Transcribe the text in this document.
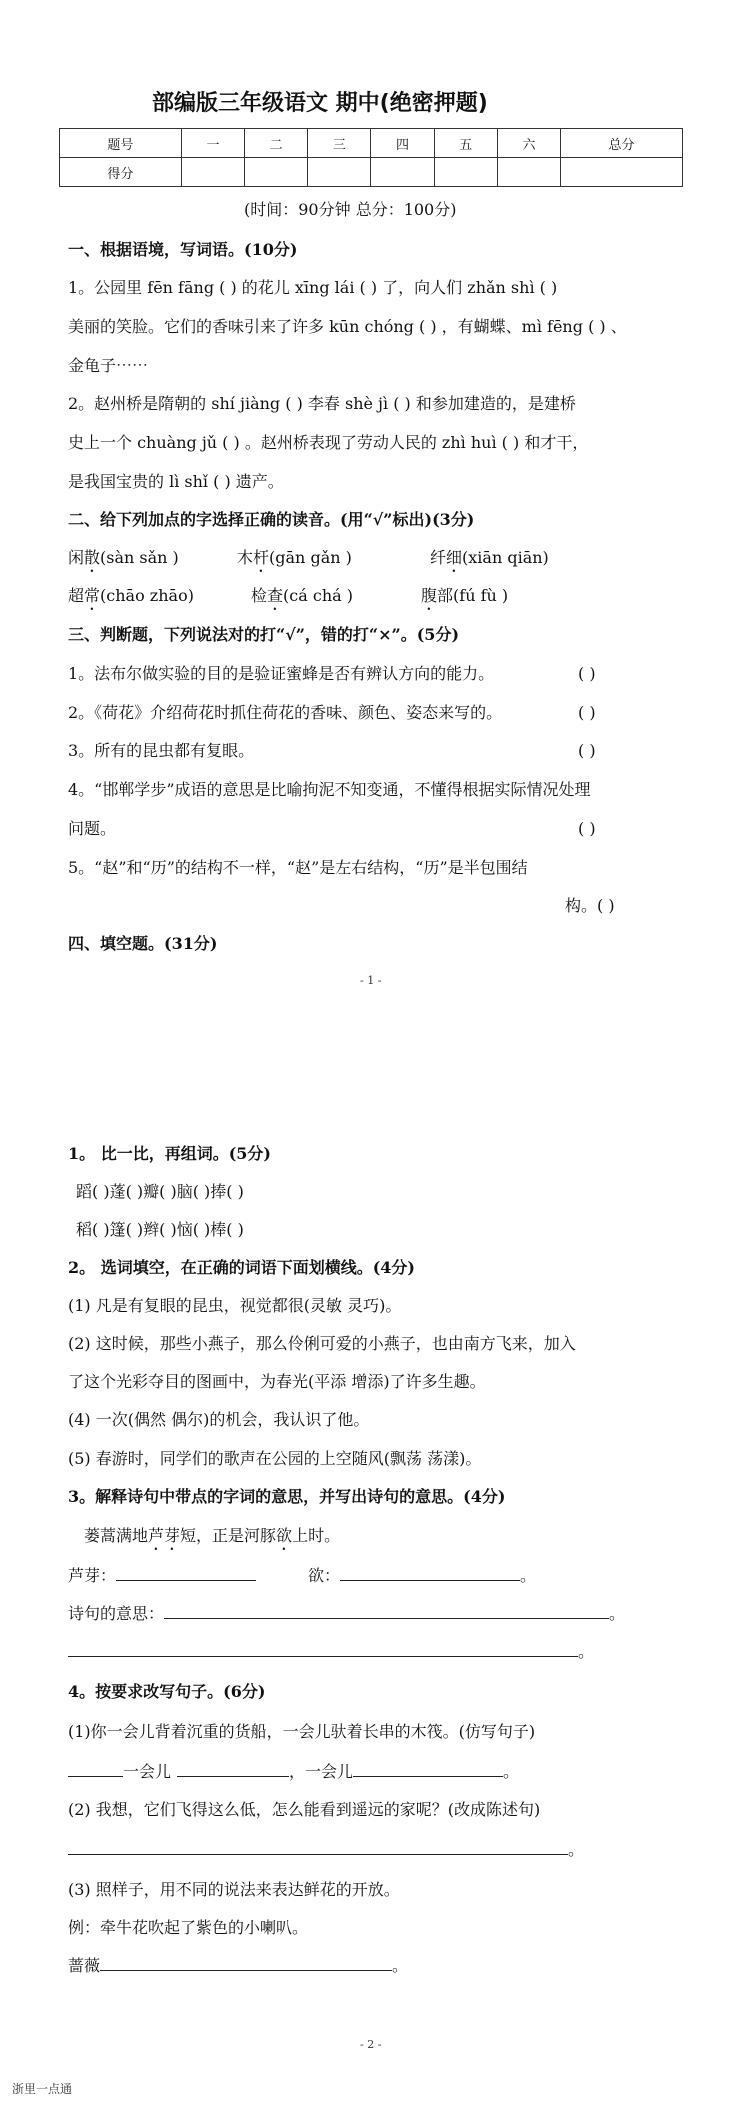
部编版三年级语文 期中(绝密押题)
题号	一	二	三	四	五	六	总分
得分							
(时间：90分钟 总分：100分)
一、根据语境，写词语。(10分)
1。公园里 fēn fāng ( ) 的花儿 xīng lái ( ) 了，向人们 zhǎn shì ( )
美丽的笑脸。它们的香味引来了许多 kūn chóng ( ) ，有蝴蝶、mì fēng ( ) 、
金龟子⋯⋯
2。赵州桥是隋朝的 shí jiàng ( ) 李春 shè jì ( ) 和参加建造的，是建桥
史上一个 chuàng jǔ ( ) 。赵州桥表现了劳动人民的 zhì huì ( ) 和才干，
是我国宝贵的 lì shǐ ( ) 遗产。
二、给下列加点的字选择正确的读音。(用“√”标出)(3分)
闲散(sàn sǎn )	木杆(gān gǎn )	纤细(xiān qiān)
超常(chāo zhāo)	检查(cá chá )	腹部(fú fù )
三、判断题，下列说法对的打“√”，错的打“×”。(5分)
1。法布尔做实验的目的是验证蜜蜂是否有辨认方向的能力。	( )
2。《荷花》介绍荷花时抓住荷花的香味、颜色、姿态来写的。	( )
3。所有的昆虫都有复眼。	( )
4。“邯郸学步”成语的意思是比喻拘泥不知变通，不懂得根据实际情况处理
问题。	( )
5。“赵”和“历”的结构不一样，“赵”是左右结构，“历”是半包围结
构。( )
四、填空题。(31分)
- 1 -
1。 比一比，再组词。(5分)
蹈( )蓬( )瓣( )脑( )捧( )
稻( )篷( )辫( )恼( )棒( )
2。 选词填空，在正确的词语下面划横线。(4分)
(1) 凡是有复眼的昆虫，视觉都很(灵敏 灵巧)。
(2) 这时候，那些小燕子，那么伶俐可爱的小燕子，也由南方飞来，加入
了这个光彩夺目的图画中，为春光(平添 增添)了许多生趣。
(4) 一次(偶然 偶尔)的机会，我认识了他。
(5) 春游时，同学们的歌声在公园的上空随风(飘荡 荡漾)。
3。解释诗句中带点的字词的意思，并写出诗句的意思。(4分)
蒌蒿满地芦芽短，正是河豚欲上时。
芦芽：	欲：	。
诗句的意思：	。
。
4。按要求改写句子。(6分)
(1)你一会儿背着沉重的货船，一会儿驮着长串的木筏。(仿写句子)
一会儿	，一会儿	。
(2) 我想，它们飞得这么低，怎么能看到遥远的家呢？(改成陈述句)
。
(3) 照样子，用不同的说法来表达鲜花的开放。
例：牵牛花吹起了紫色的小喇叭。
蔷薇	。
- 2 -
浙里一点通
